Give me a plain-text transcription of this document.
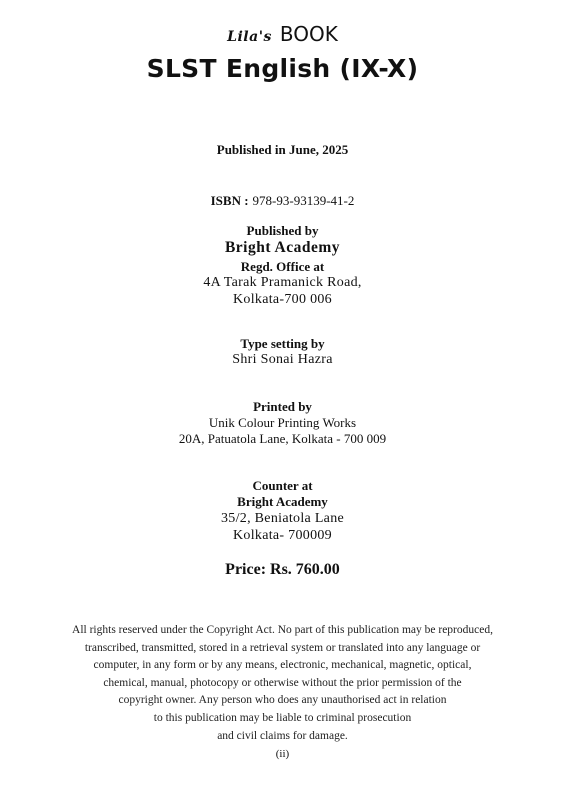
Lila's BOOK
SLST English (IX-X)
Published in June, 2025
ISBN : 978-93-93139-41-2
Published by
Bright Academy
Regd. Office at
4A Tarak Pramanick Road,
Kolkata-700 006
Type setting by
Shri Sonai Hazra
Printed by
Unik Colour Printing Works
20A, Patuatola Lane, Kolkata - 700 009
Counter at
Bright Academy
35/2, Beniatola Lane
Kolkata- 700009
Price: Rs. 760.00
All rights reserved under the Copyright Act. No part of this publication may be reproduced,
transcribed, transmitted, stored in a retrieval system or translated into any language or
computer, in any form or by any means, electronic, mechanical, magnetic, optical,
chemical, manual, photocopy or otherwise without the prior permission of the
copyright owner. Any person who does any unauthorised act in relation
to this publication may be liable to criminal prosecution
and civil claims for damage.
(ii)
